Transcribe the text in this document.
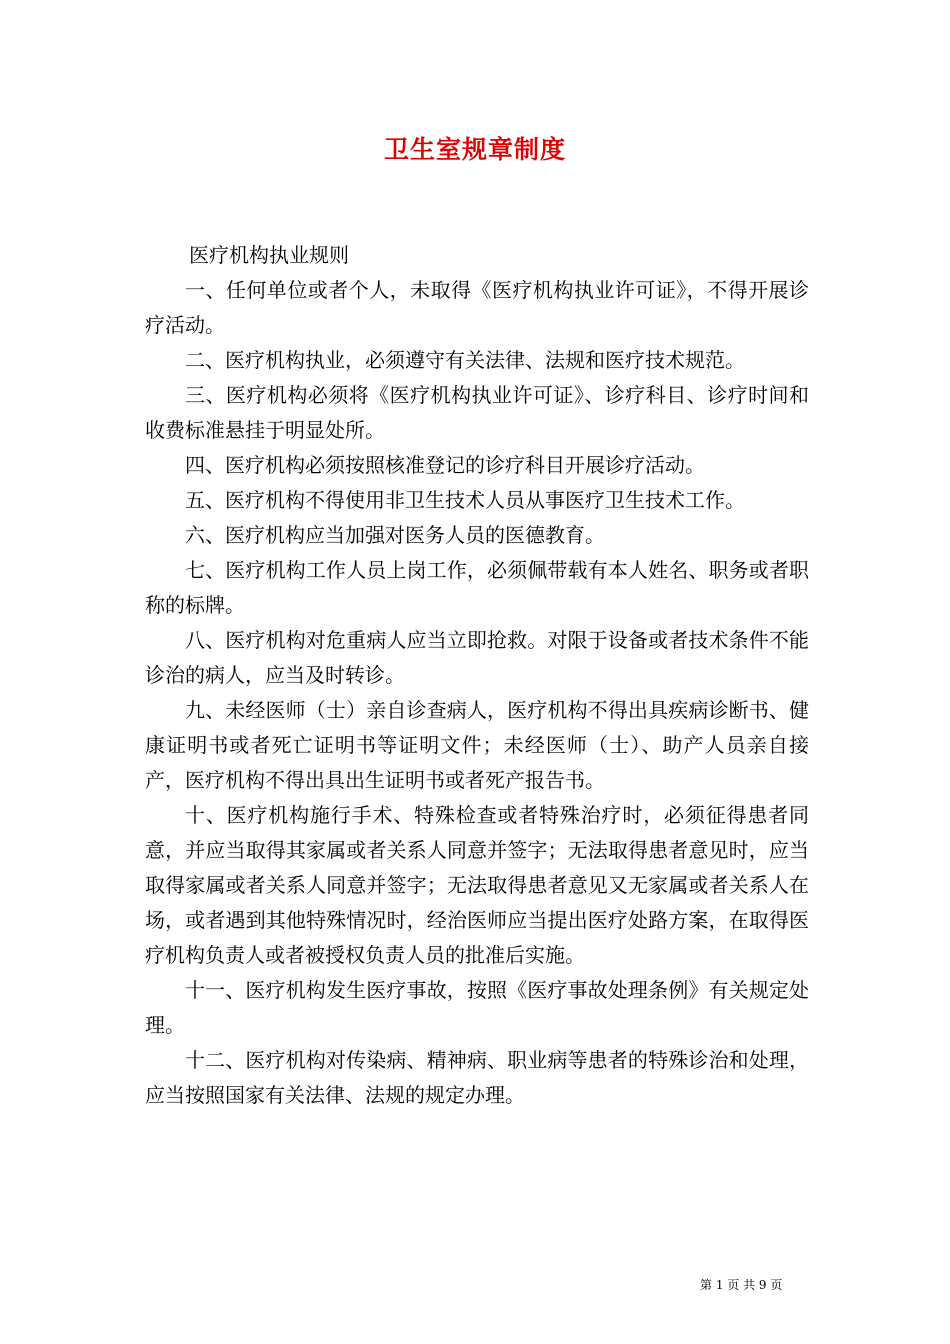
卫生室规章制度

医疗机构执业规则

一、任何单位或者个人，未取得《医疗机构执业许可证》，不得开展诊疗活动。

二、医疗机构执业，必须遵守有关法律、法规和医疗技术规范。

三、医疗机构必须将《医疗机构执业许可证》、诊疗科目、诊疗时间和收费标准悬挂于明显处所。

四、医疗机构必须按照核准登记的诊疗科目开展诊疗活动。

五、医疗机构不得使用非卫生技术人员从事医疗卫生技术工作。

六、医疗机构应当加强对医务人员的医德教育。

七、医疗机构工作人员上岗工作，必须佩带载有本人姓名、职务或者职称的标牌。

八、医疗机构对危重病人应当立即抢救。对限于设备或者技术条件不能诊治的病人，应当及时转诊。

九、未经医师（士）亲自诊查病人，医疗机构不得出具疾病诊断书、健康证明书或者死亡证明书等证明文件；未经医师（士）、助产人员亲自接产，医疗机构不得出具出生证明书或者死产报告书。

十、医疗机构施行手术、特殊检查或者特殊治疗时，必须征得患者同意，并应当取得其家属或者关系人同意并签字；无法取得患者意见时，应当取得家属或者关系人同意并签字；无法取得患者意见又无家属或者关系人在场，或者遇到其他特殊情况时，经治医师应当提出医疗处路方案，在取得医疗机构负责人或者被授权负责人员的批准后实施。

十一、医疗机构发生医疗事故，按照《医疗事故处理条例》有关规定处理。

十二、医疗机构对传染病、精神病、职业病等患者的特殊诊治和处理，应当按照国家有关法律、法规的规定办理。

第 1 页 共 9 页
